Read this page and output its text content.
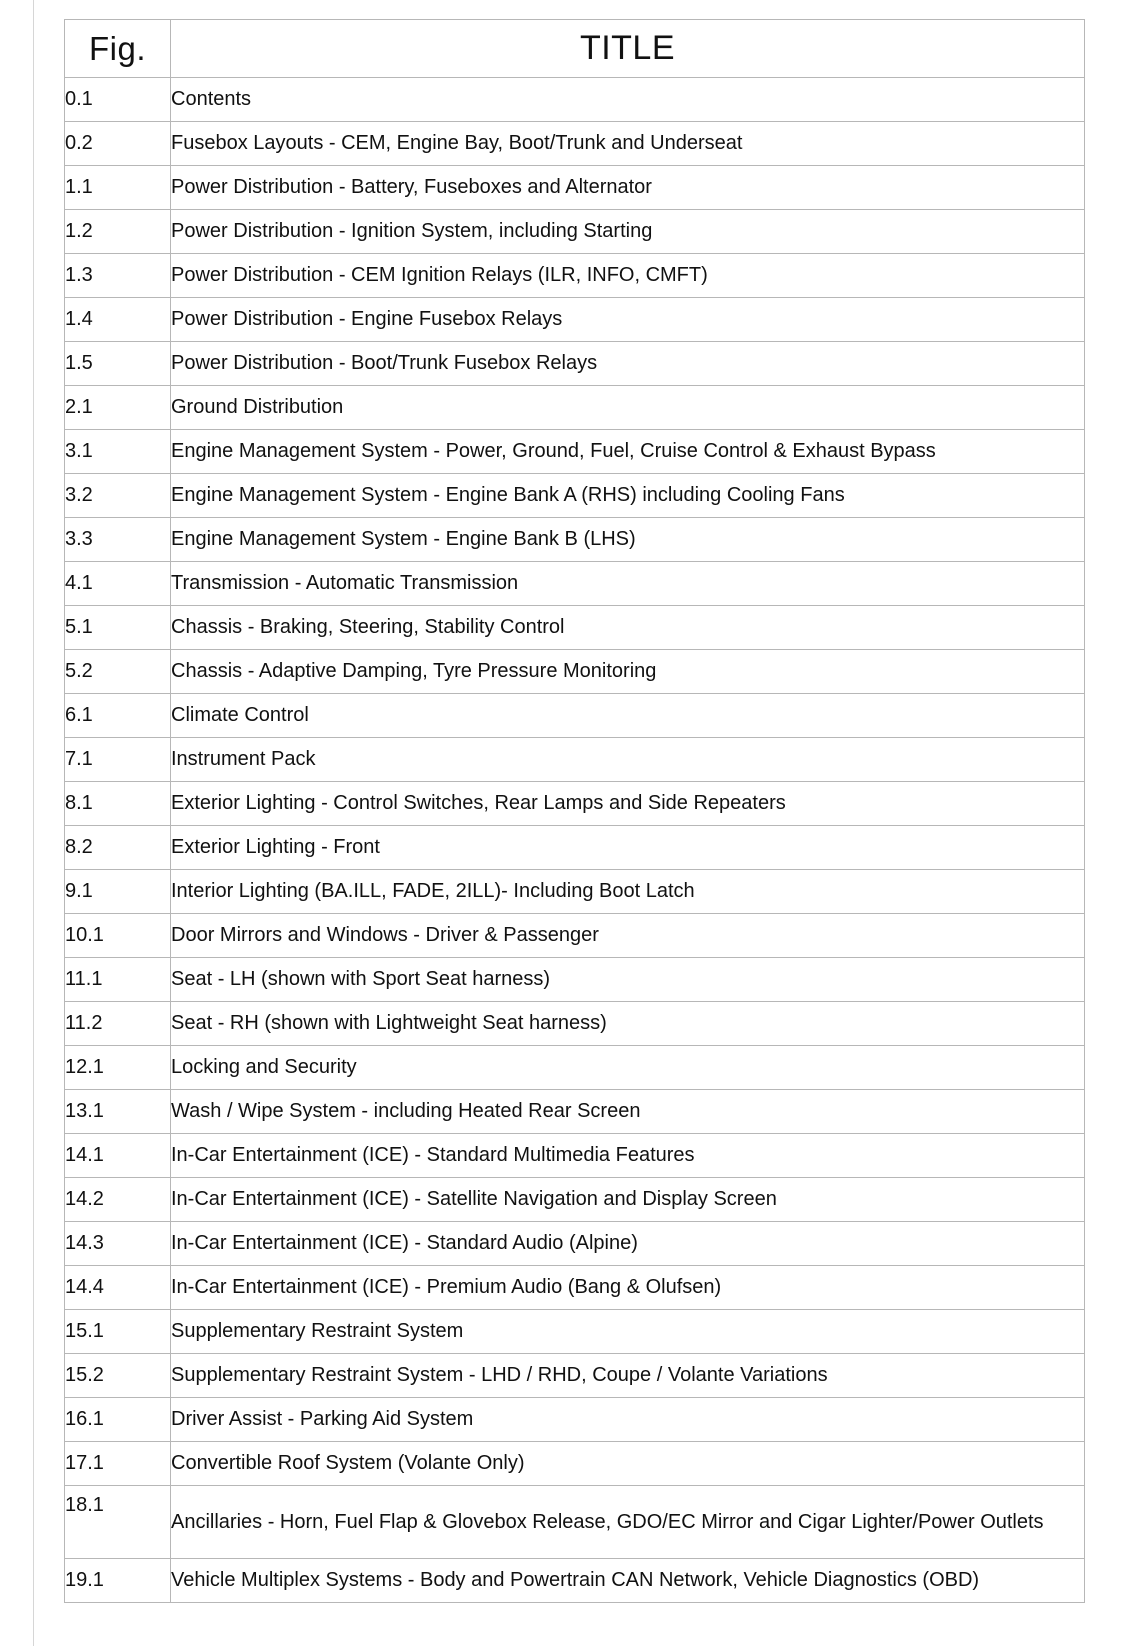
Fig.	TITLE
0.1	Contents
0.2	Fusebox Layouts - CEM, Engine Bay, Boot/Trunk and Underseat
1.1	Power Distribution - Battery, Fuseboxes and Alternator
1.2	Power Distribution - Ignition System, including Starting
1.3	Power Distribution - CEM Ignition Relays (ILR, INFO, CMFT)
1.4	Power Distribution - Engine Fusebox Relays
1.5	Power Distribution - Boot/Trunk Fusebox Relays
2.1	Ground Distribution
3.1	Engine Management System - Power, Ground, Fuel, Cruise Control & Exhaust Bypass
3.2	Engine Management System - Engine Bank A (RHS) including Cooling Fans
3.3	Engine Management System - Engine Bank B (LHS)
4.1	Transmission - Automatic Transmission
5.1	Chassis - Braking, Steering, Stability Control
5.2	Chassis - Adaptive Damping, Tyre Pressure Monitoring
6.1	Climate Control
7.1	Instrument Pack
8.1	Exterior Lighting - Control Switches, Rear Lamps and Side Repeaters
8.2	Exterior Lighting - Front
9.1	Interior Lighting (BA.ILL, FADE, 2ILL)- Including Boot Latch
10.1	Door Mirrors and Windows - Driver & Passenger
11.1	Seat - LH (shown with Sport Seat harness)
11.2	Seat - RH (shown with Lightweight Seat harness)
12.1	Locking and Security
13.1	Wash / Wipe System - including Heated Rear Screen
14.1	In-Car Entertainment (ICE) - Standard Multimedia Features
14.2	In-Car Entertainment (ICE) - Satellite Navigation and Display Screen
14.3	In-Car Entertainment (ICE) - Standard Audio (Alpine)
14.4	In-Car Entertainment (ICE) - Premium Audio (Bang & Olufsen)
15.1	Supplementary Restraint System
15.2	Supplementary Restraint System - LHD / RHD, Coupe / Volante Variations
16.1	Driver Assist - Parking Aid System
17.1	Convertible Roof System (Volante Only)
18.1	Ancillaries - Horn, Fuel Flap & Glovebox Release, GDO/EC Mirror and Cigar Lighter/Power Outlets
19.1	Vehicle Multiplex Systems - Body and Powertrain CAN Network, Vehicle Diagnostics (OBD)
